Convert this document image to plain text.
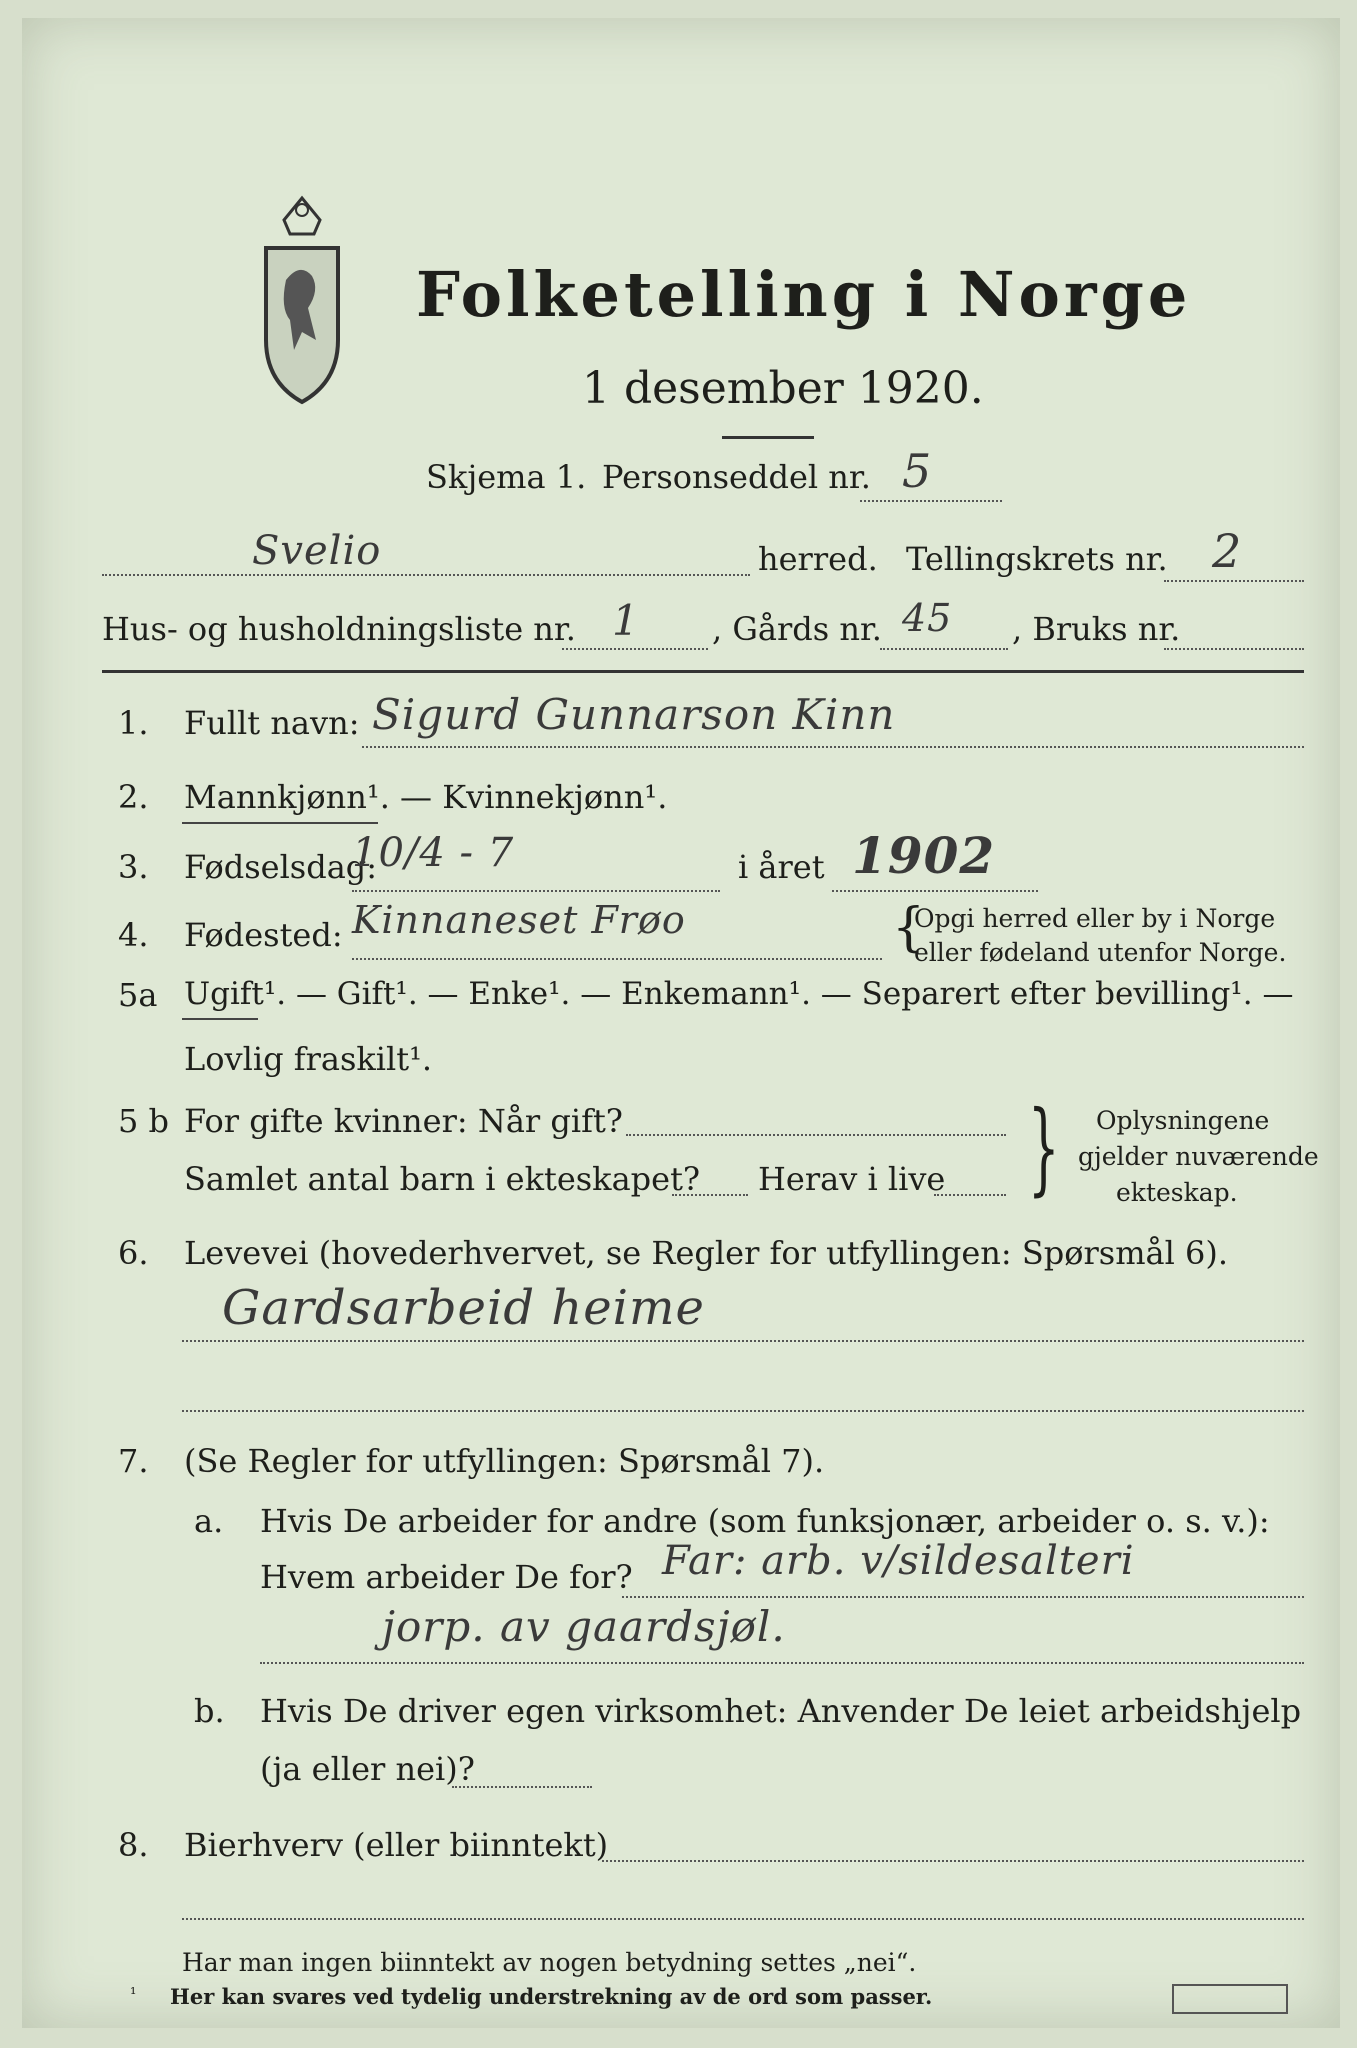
Folketelling i Norge
1 desember 1920.
Skjema 1. Personseddel nr. 5
Svelio	herred. Tellingskrets nr. 2
Hus- og husholdningsliste nr. 1 , Gårds nr. 45 , Bruks nr.
1. Fullt navn: Sigurd Gunnarson Kinn
2. Mannkjønn¹. — Kvinnekjønn¹.
3. Fødselsdag:
10/4 - 7	i året 1902
4. Fødested: Kinnaneset Frøo	{
Opgi herred eller by i Norge
eller fødeland utenfor Norge.
5a Ugift¹. — Gift¹. — Enke¹. — Enkemann¹. — Separert efter bevilling¹. —
Lovlig fraskilt¹.
5 b For gifte kvinner: Når gift?
Samlet antal barn i ekteskapet? Herav i live } Oplysningene
gjelder nuværende
ekteskap.
6. Levevei (hovederhvervet, se Regler for utfyllingen: Spørsmål 6).
Gardsarbeid heime
7. (Se Regler for utfyllingen: Spørsmål 7).
a. Hvis De arbeider for andre (som funksjonær, arbeider o. s. v.):
Hvem arbeider De for? Far: arb. v/sildesalteri
jorp. av gaardsjøl.
b. Hvis De driver egen virksomhet: Anvender De leiet arbeidshjelp
(ja eller nei)?
8. Bierhverv (eller biinntekt)
Har man ingen biinntekt av nogen betydning settes „nei“.
¹ Her kan svares ved tydelig understrekning av de ord som passer.
